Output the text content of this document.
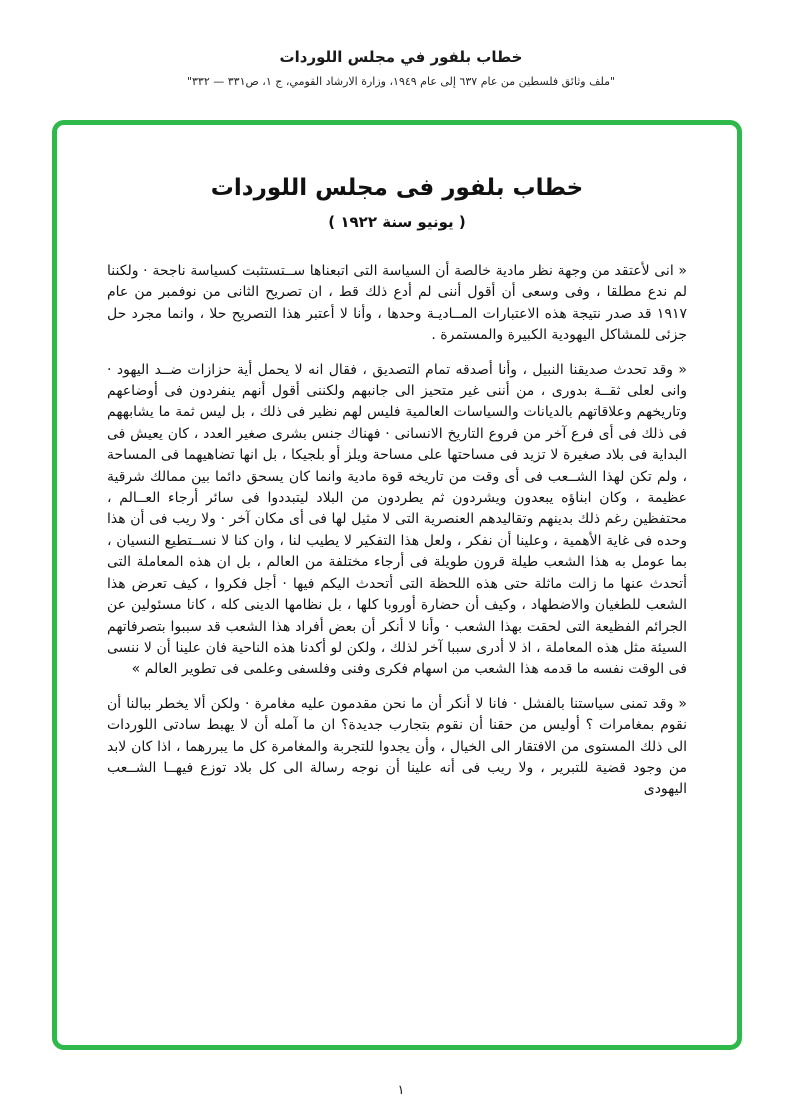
خطاب بلفور في مجلس اللوردات
"ملف وثائق فلسطين من عام ٦٣٧ إلى عام ١٩٤٩، وزارة الارشاد القومي، ج ١، ص٣٣١ — ٣٣٢"
خطاب بلفور فى مجلس اللوردات
( يونيو سنة ١٩٢٢ )

« انى لأعتقد من وجهة نظر مادية خالصة أن السياسة التى اتبعناها ســتستثبت كسياسة ناجحة · ولكننا لم ندع مطلقا ، وفى وسعى أن أقول أننى لم أدع ذلك قط ، ان تصريح الثانى من نوفمبر من عام ١٩١٧ قد صدر نتيجة هذه الاعتبارات المــاديـة وحدها ، وأنا لا أعتبر هذا التصريح حلا ، وانما مجرد حل جزئى للمشاكل اليهودية الكبيرة والمستمرة .

« وقد تحدث صديقنا النبيل ، وأنا أصدقه تمام التصديق ، فقال انه لا يحمل أية حزازات ضــد اليهود · وانى لعلى ثقــة بدورى ، من أننى غير متحيز الى جانبهم ولكننى أقول أنهم ينفردون فى أوضاعهم وتاريخهم وعلاقاتهم بالديانات والسياسات العالمية فليس لهم نظير فى ذلك ، بل ليس ثمة ما يشابههم فى ذلك فى أى فرع آخر من فروع التاريخ الانسانى · فهناك جنس بشرى صغير العدد ، كان يعيش فى البداية فى بلاد صغيرة لا تزيد فى مساحتها على مساحة ويلز أو بلجيكا ، بل انها تضاهيهما فى المساحة ، ولم تكن لهذا الشــعب فى أى وقت من تاريخه قوة مادية وانما كان يسحق دائما بين ممالك شرقية عظيمة ، وكان ابناؤه يبعدون ويشردون ثم يطردون من البلاد ليتبددوا فى سائر أرجاء العــالم ، محتفظين رغم ذلك بدينهم وتقاليدهم العنصرية التى لا مثيل لها فى أى مكان آخر · ولا ريب فى أن هذا وحده فى غاية الأهمية ، وعلينا أن نفكر ، ولعل هذا التفكير لا يطيب لنا ، وان كنا لا نســتطيع النسيان ، بما عومل به هذا الشعب طيلة قرون طويلة فى أرجاء مختلفة من العالم ، بل ان هذه المعاملة التى أتحدث عنها ما زالت ماثلة حتى هذه اللحظة التى أتحدث اليكم فيها · أجل فكروا ، كيف تعرض هذا الشعب للطغيان والاضطهاد ، وكيف أن حضارة أوروبا كلها ، بل نظامها الدينى كله ، كانا مسئولين عن الجرائم الفظيعة التى لحقت بهذا الشعب · وأنا لا أنكر أن بعض أفراد هذا الشعب قد سببوا بتصرفاتهم السيئة مثل هذه المعاملة ، اذ لا أدرى سببا آخر لذلك ، ولكن لو أكدنا هذه الناحية فان علينا أن لا ننسى فى الوقت نفسه ما قدمه هذا الشعب من اسهام فكرى وفنى وفلسفى وعلمى فى تطوير العالم »

« وقد تمنى سياستنا بالفشل · فانا لا أنكر أن ما نحن مقدمون عليه مغامرة · ولكن ألا يخطر ببالنا أن نقوم بمغامرات ؟ أوليس من حقنا أن نقوم بتجارب جديدة؟ ان ما آمله أن لا يهبط سادتى اللوردات الى ذلك المستوى من الافتقار الى الخيال ، وأن يجدوا للتجربة والمغامرة كل ما يبررهما ، اذا كان لابد من وجود قضية للتبرير ، ولا ريب فى أنه علينا أن نوجه رسالة الى كل بلاد توزع فيهــا الشــعب اليهودى

١
